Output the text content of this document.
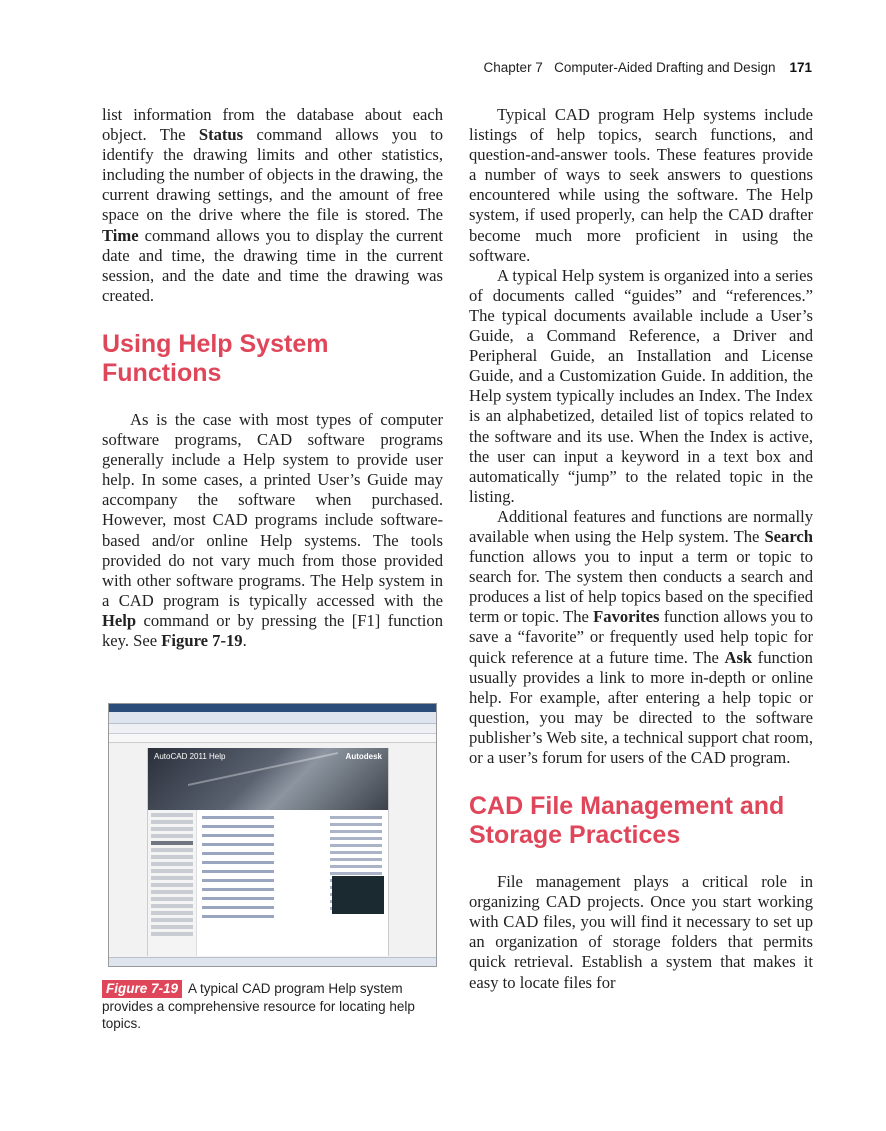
Chapter 7 Computer-Aided Drafting and Design 171

list information from the database about each object. The Status command allows you to identify the drawing limits and other statistics, including the number of objects in the drawing, the current drawing settings, and the amount of free space on the drive where the file is stored. The Time command allows you to display the current date and time, the drawing time in the current session, and the date and time the drawing was created.

Using Help System Functions

As is the case with most types of computer software programs, CAD software programs generally include a Help system to provide user help. In some cases, a printed User’s Guide may accompany the software when purchased. However, most CAD programs include software-based and/or online Help systems. The tools provided do not vary much from those provided with other software programs. The Help system in a CAD program is typically accessed with the Help command or by pressing the [F1] function key. See Figure 7-19.

AutoCAD 2011 Help	Autodesk
Figure 7-19 A typical CAD program Help system provides a comprehensive resource for locating help topics.

Typical CAD program Help systems include listings of help topics, search functions, and question-and-answer tools. These features provide a number of ways to seek answers to questions encountered while using the software. The Help system, if used properly, can help the CAD drafter become much more proficient in using the software.

A typical Help system is organized into a series of documents called “guides” and “references.” The typical documents available include a User’s Guide, a Command Reference, a Driver and Peripheral Guide, an Installation and License Guide, and a Customization Guide. In addition, the Help system typically includes an Index. The Index is an alphabetized, detailed list of topics related to the software and its use. When the Index is active, the user can input a keyword in a text box and automatically “jump” to the related topic in the listing.

Additional features and functions are normally available when using the Help system. The Search function allows you to input a term or topic to search for. The system then conducts a search and produces a list of help topics based on the specified term or topic. The Favorites function allows you to save a “favorite” or frequently used help topic for quick reference at a future time. The Ask function usually provides a link to more in-depth or online help. For example, after entering a help topic or question, you may be directed to the software publisher’s Web site, a technical support chat room, or a user’s forum for users of the CAD program.

CAD File Management and Storage Practices

File management plays a critical role in organizing CAD projects. Once you start working with CAD files, you will find it necessary to set up an organization of storage folders that permits quick retrieval. Establish a system that makes it easy to locate files for
